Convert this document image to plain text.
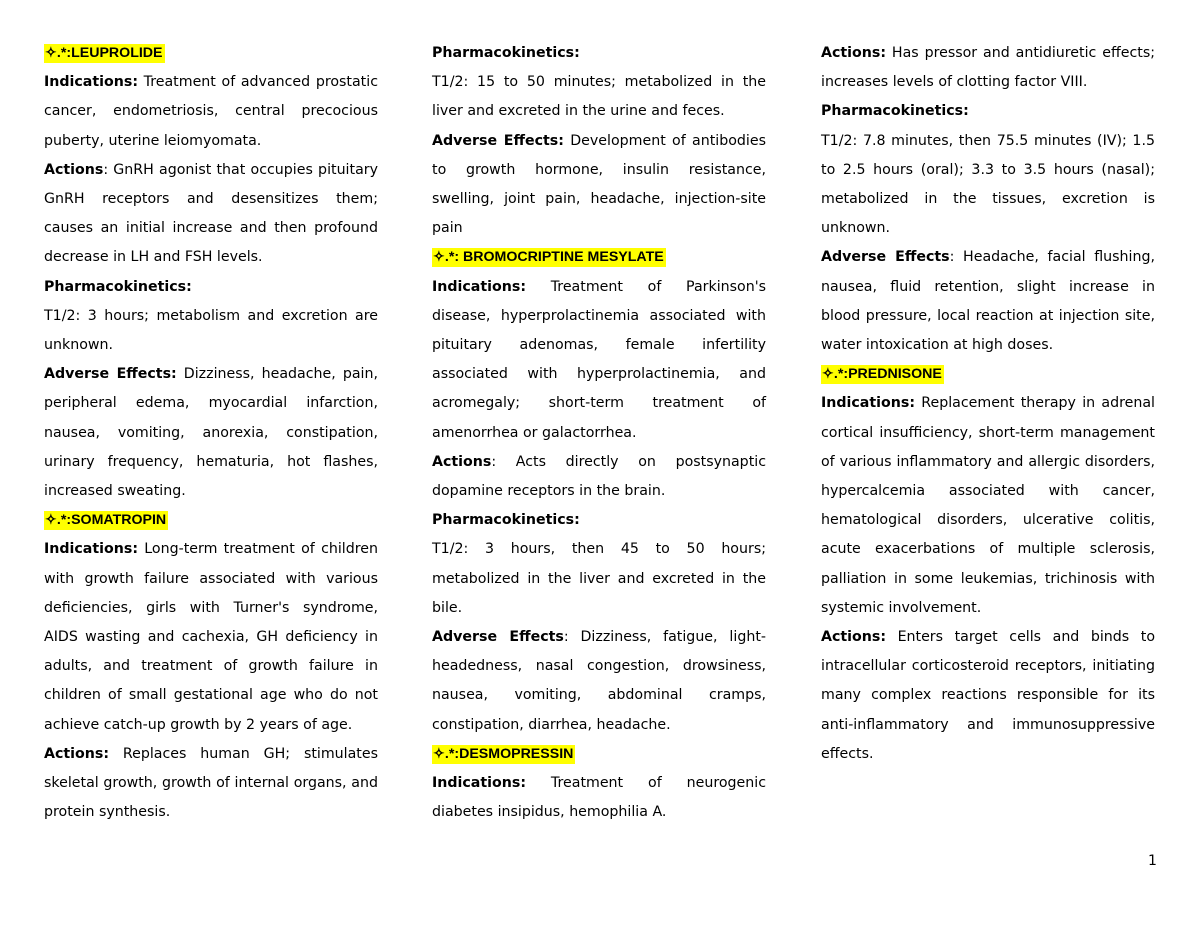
✧.*:LEUPROLIDE

Indications: Treatment of advanced prostatic cancer, endometriosis, central precocious puberty, uterine leiomyomata.

Actions: GnRH agonist that occupies pituitary GnRH receptors and desensitizes them; causes an initial increase and then profound decrease in LH and FSH levels.

Pharmacokinetics:

T1/2: 3 hours; metabolism and excretion are unknown.

Adverse Effects: Dizziness, headache, pain, peripheral edema, myocardial infarction, nausea, vomiting, anorexia, constipation, urinary frequency, hematuria, hot flashes, increased sweating.

✧.*:SOMATROPIN

Indications: Long-term treatment of children with growth failure associated with various deficiencies, girls with Turner's syndrome, AIDS wasting and cachexia, GH deficiency in adults, and treatment of growth failure in children of small gestational age who do not achieve catch-up growth by 2 years of age.

Actions: Replaces human GH; stimulates skeletal growth, growth of internal organs, and protein synthesis.

Pharmacokinetics:

T1/2: 15 to 50 minutes; metabolized in the liver and excreted in the urine and feces.

Adverse Effects: Development of antibodies to growth hormone, insulin resistance, swelling, joint pain, headache, injection-site pain

✧.*: BROMOCRIPTINE MESYLATE

Indications: Treatment of Parkinson's disease, hyperprolactinemia associated with pituitary adenomas, female infertility associated with hyperprolactinemia, and acromegaly; short-term treatment of amenorrhea or galactorrhea.

Actions: Acts directly on postsynaptic dopamine receptors in the brain.

Pharmacokinetics:

T1/2: 3 hours, then 45 to 50 hours; metabolized in the liver and excreted in the bile.

Adverse Effects: Dizziness, fatigue, light-headedness, nasal congestion, drowsiness, nausea, vomiting, abdominal cramps, constipation, diarrhea, headache.

✧.*:DESMOPRESSIN

Indications: Treatment of neurogenic diabetes insipidus, hemophilia A.

Actions: Has pressor and antidiuretic effects; increases levels of clotting factor VIII.

Pharmacokinetics:

T1/2: 7.8 minutes, then 75.5 minutes (IV); 1.5 to 2.5 hours (oral); 3.3 to 3.5 hours (nasal); metabolized in the tissues, excretion is unknown.

Adverse Effects: Headache, facial flushing, nausea, fluid retention, slight increase in blood pressure, local reaction at injection site, water intoxication at high doses.

✧.*:PREDNISONE

Indications: Replacement therapy in adrenal cortical insufficiency, short-term management of various inflammatory and allergic disorders, hypercalcemia associated with cancer, hematological disorders, ulcerative colitis, acute exacerbations of multiple sclerosis, palliation in some leukemias, trichinosis with systemic involvement.

Actions: Enters target cells and binds to intracellular corticosteroid receptors, initiating many complex reactions responsible for its anti-inflammatory and immunosuppressive effects.

1
